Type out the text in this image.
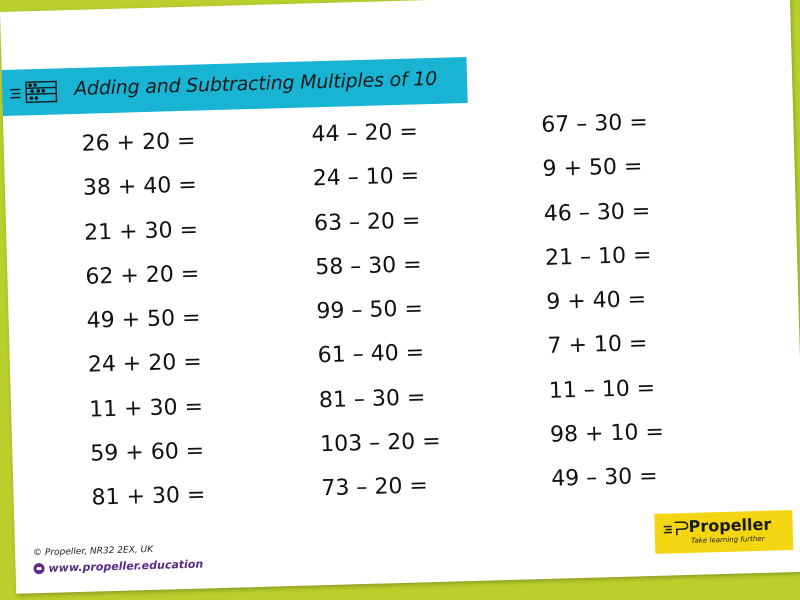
Adding and Subtracting Multiples of 10
26 + 20 =
38 + 40 =
21 + 30 =
62 + 20 =
49 + 50 =
24 + 20 =
11 + 30 =
59 + 60 =
81 + 30 =
44 – 20 =
24 – 10 =
63 – 20 =
58 – 30 =
99 – 50 =
61 – 40 =
81 – 30 =
103 – 20 =
73 – 20 =
67 – 30 =
9 + 50 =
46 – 30 =
21 – 10 =
9 + 40 =
7 + 10 =
11 – 10 =
98 + 10 =
49 – 30 =
© Propeller, NR32 2EX, UK
www.propeller.education
Propeller
Take learning further
